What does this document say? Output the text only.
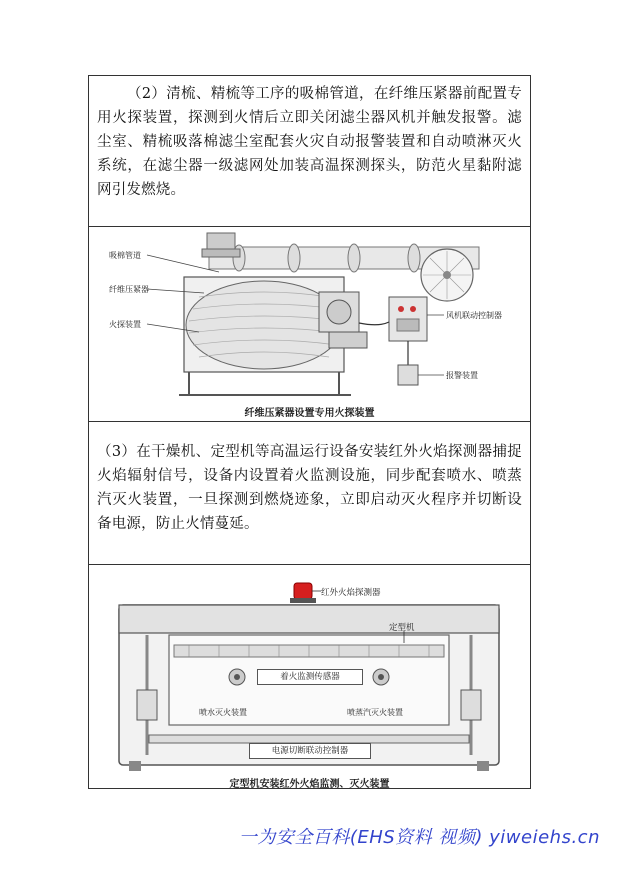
（2）清梳、精梳等工序的吸棉管道，在纤维压紧器前配置专用火探装置，探测到火情后立即关闭滤尘器风机并触发报警。滤尘室、精梳吸落棉滤尘室配套火灾自动报警装置和自动喷淋灭火系统，在滤尘器一级滤网处加装高温探测探头，防范火星黏附滤网引发燃烧。
吸棉管道
纤维压紧器
火探装置
风机联动控制器
报警装置
纤维压紧器设置专用火探装置
（3）在干燥机、定型机等高温运行设备安装红外火焰探测器捕捉火焰辐射信号，设备内设置着火监测设施，同步配套喷水、喷蒸汽灭火装置，一旦探测到燃烧迹象，立即启动灭火程序并切断设备电源，防止火情蔓延。
红外火焰探测器
定型机
着火监测传感器
喷水灭火装置	喷蒸汽灭火装置
电源切断联动控制器
定型机安装红外火焰监测、灭火装置
一为安全百科(EHS资料 视频) yiweiehs.cn
